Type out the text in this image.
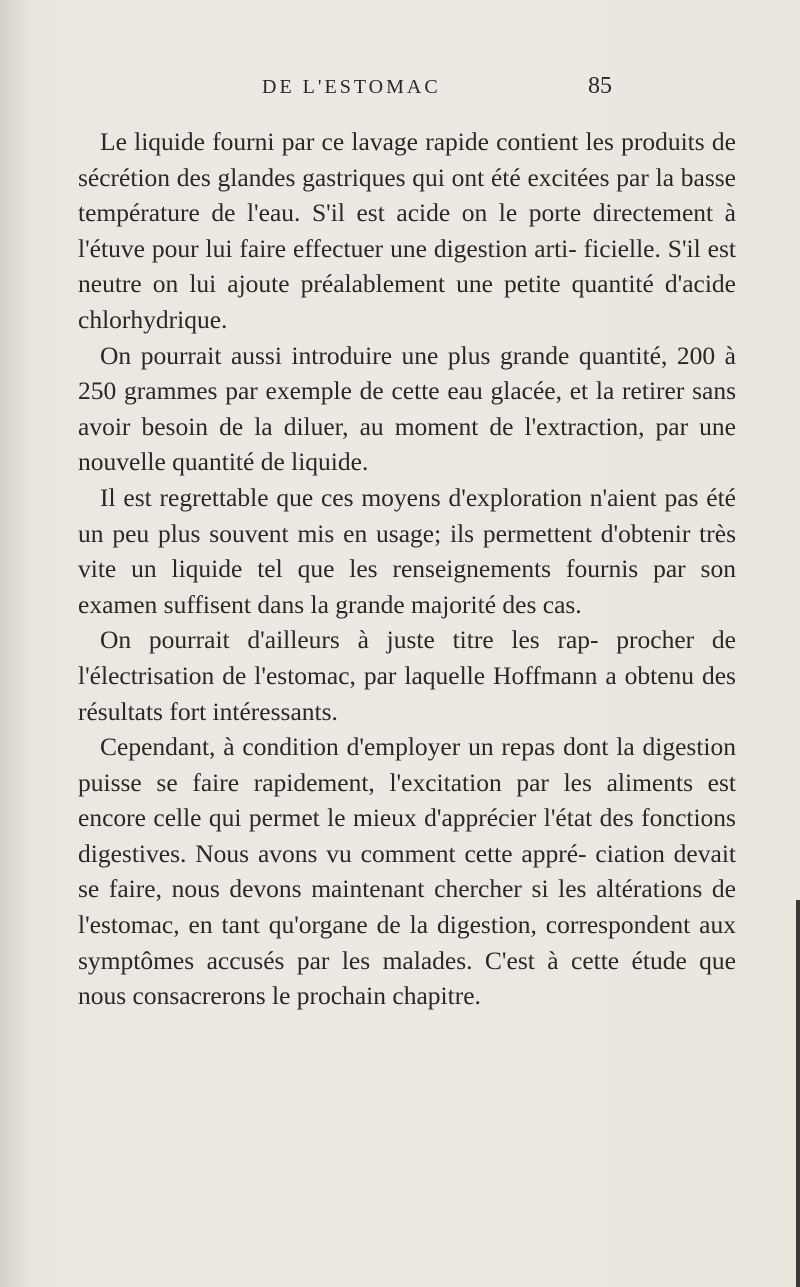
DE L'ESTOMAC	85

Le liquide fourni par ce lavage rapide contient les produits de sécrétion des glandes gastriques qui ont été excitées par la basse température de l'eau. S'il est acide on le porte directement à l'étuve pour lui faire effectuer une digestion arti- ficielle. S'il est neutre on lui ajoute préalablement une petite quantité d'acide chlorhydrique.

On pourrait aussi introduire une plus grande quantité, 200 à 250 grammes par exemple de cette eau glacée, et la retirer sans avoir besoin de la diluer, au moment de l'extraction, par une nouvelle quantité de liquide.

Il est regrettable que ces moyens d'exploration n'aient pas été un peu plus souvent mis en usage; ils permettent d'obtenir très vite un liquide tel que les renseignements fournis par son examen suffisent dans la grande majorité des cas.

On pourrait d'ailleurs à juste titre les rap- procher de l'électrisation de l'estomac, par laquelle Hoffmann a obtenu des résultats fort intéressants.

Cependant, à condition d'employer un repas dont la digestion puisse se faire rapidement, l'excitation par les aliments est encore celle qui permet le mieux d'apprécier l'état des fonctions digestives. Nous avons vu comment cette appré- ciation devait se faire, nous devons maintenant chercher si les altérations de l'estomac, en tant qu'organe de la digestion, correspondent aux symptômes accusés par les malades. C'est à cette étude que nous consacrerons le prochain chapitre.
